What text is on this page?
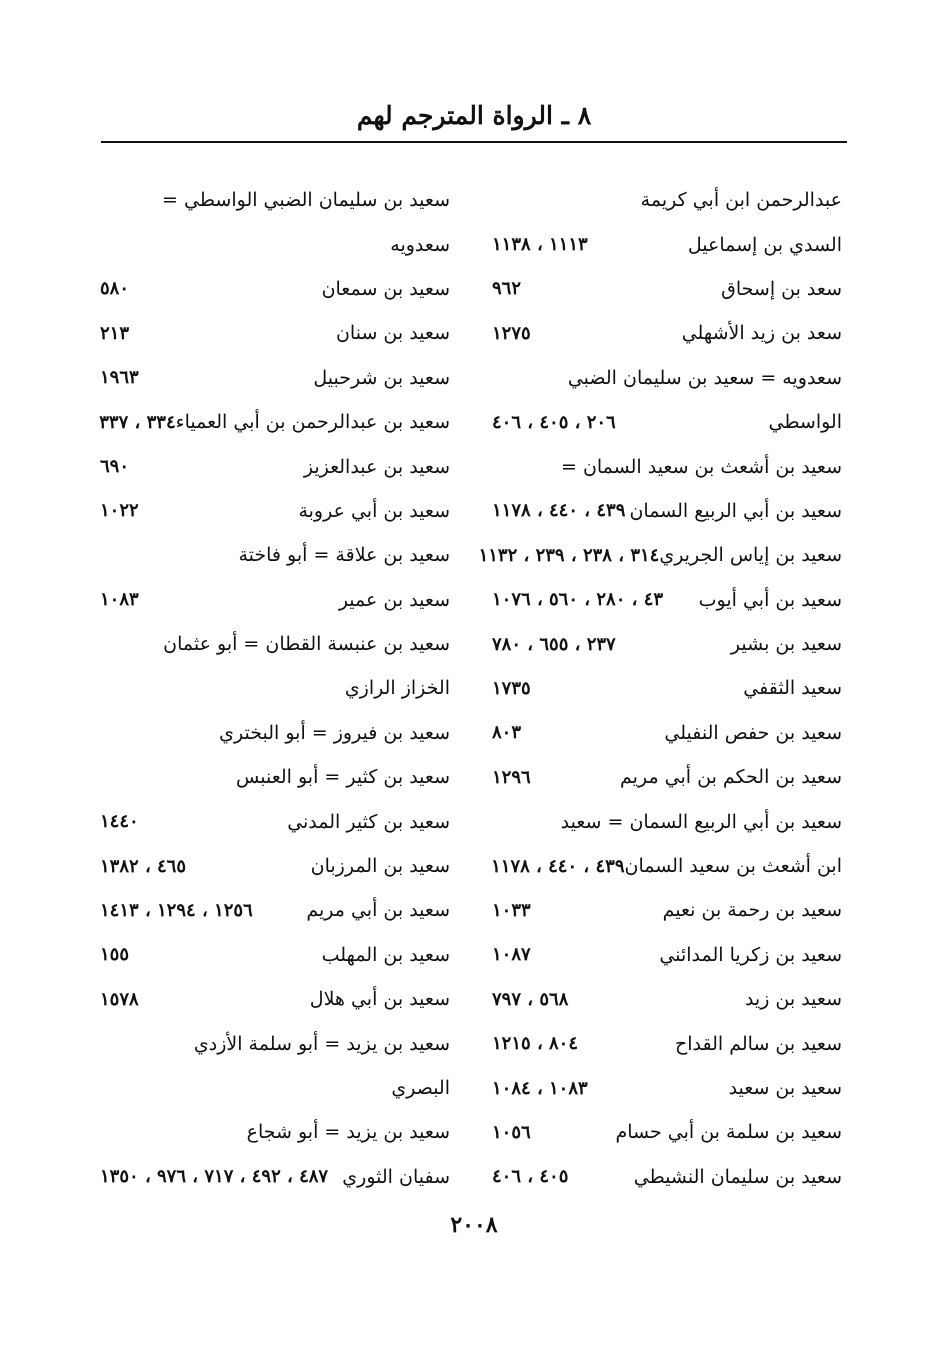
٨ ـ الرواة المترجم لهم
عبدالرحمن ابن أبي كريمة
السدي بن إسماعيل
١١١٣ ، ١١٣٨
سعد بن إسحاق
٩٦٢
سعد بن زيد الأشهلي
١٢٧٥
سعدويه = سعيد بن سليمان الضبي
الواسطي
٢٠٦ ، ٤٠٥ ، ٤٠٦
سعيد بن أشعث بن سعيد السمان =
سعيد بن أبي الربيع السمان
٤٣٩ ، ٤٤٠ ، ١١٧٨
سعيد بن إياس الجريري
٣١٤ ، ٢٣٨ ، ٢٣٩ ، ١١٣٢
سعيد بن أبي أيوب
٤٣ ، ٢٨٠ ، ٥٦٠ ، ١٠٧٦
سعيد بن بشير
٢٣٧ ، ٦٥٥ ، ٧٨٠
سعيد الثقفي
١٧٣٥
سعيد بن حفص النفيلي
٨٠٣
سعيد بن الحكم بن أبي مريم
١٢٩٦
سعيد بن أبي الربيع السمان = سعيد
ابن أشعث بن سعيد السمان
٤٣٩ ، ٤٤٠ ، ١١٧٨
سعيد بن رحمة بن نعيم
١٠٣٣
سعيد بن زكريا المدائني
١٠٨٧
سعيد بن زيد
٥٦٨ ، ٧٩٧
سعيد بن سالم القداح
٨٠٤ ، ١٢١٥
سعيد بن سعيد
١٠٨٣ ، ١٠٨٤
سعيد بن سلمة بن أبي حسام
١٠٥٦
سعيد بن سليمان النشيطي
٤٠٥ ، ٤٠٦
سعيد بن سليمان الضبي الواسطي =
سعدويه
سعيد بن سمعان
٥٨٠
سعيد بن سنان
٢١٣
سعيد بن شرحبيل
١٩٦٣
سعيد بن عبدالرحمن بن أبي العمياء
٣٣٤ ، ٣٣٧
سعيد بن عبدالعزيز
٦٩٠
سعيد بن أبي عروبة
١٠٢٢
سعيد بن علاقة = أبو فاختة
سعيد بن عمير
١٠٨٣
سعيد بن عنبسة القطان = أبو عثمان
الخزاز الرازي
سعيد بن فيروز = أبو البختري
سعيد بن كثير = أبو العنبس
سعيد بن كثير المدني
١٤٤٠
سعيد بن المرزبان
٤٦٥ ، ١٣٨٢
سعيد بن أبي مريم
١٢٥٦ ، ١٢٩٤ ، ١٤١٣
سعيد بن المهلب
١٥٥
سعيد بن أبي هلال
١٥٧٨
سعيد بن يزيد = أبو سلمة الأزدي
البصري
سعيد بن يزيد = أبو شجاع
سفيان الثوري
٤٨٧ ، ٤٩٢ ، ٧١٧ ، ٩٧٦ ، ١٣٥٠
٢٠٠٨
